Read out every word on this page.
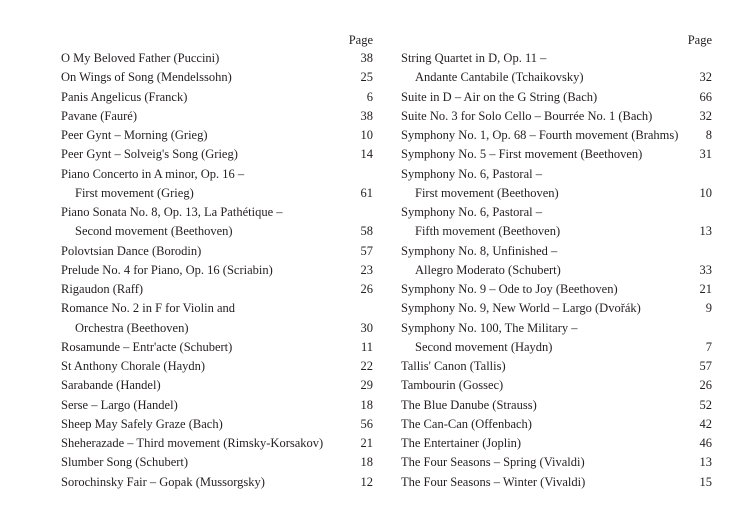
Page
O My Beloved Father (Puccini)	38
On Wings of Song (Mendelssohn)	25
Panis Angelicus (Franck)	6
Pavane (Fauré)	38
Peer Gynt – Morning (Grieg)	10
Peer Gynt – Solveig's Song (Grieg)	14
Piano Concerto in A minor, Op. 16 –
First movement (Grieg)	61
Piano Sonata No. 8, Op. 13, La Pathétique –
Second movement (Beethoven)	58
Polovtsian Dance (Borodin)	57
Prelude No. 4 for Piano, Op. 16 (Scriabin)	23
Rigaudon (Raff)	26
Romance No. 2 in F for Violin and
Orchestra (Beethoven)	30
Rosamunde – Entr'acte (Schubert)	11
St Anthony Chorale (Haydn)	22
Sarabande (Handel)	29
Serse – Largo (Handel)	18
Sheep May Safely Graze (Bach)	56
Sheherazade – Third movement (Rimsky-Korsakov)	21
Slumber Song (Schubert)	18
Sorochinsky Fair – Gopak (Mussorgsky)	12
Page
String Quartet in D, Op. 11 –
Andante Cantabile (Tchaikovsky)	32
Suite in D – Air on the G String (Bach)	66
Suite No. 3 for Solo Cello – Bourrée No. 1 (Bach)	32
Symphony No. 1, Op. 68 – Fourth movement (Brahms)	8
Symphony No. 5 – First movement (Beethoven)	31
Symphony No. 6, Pastoral –
First movement (Beethoven)	10
Symphony No. 6, Pastoral –
Fifth movement (Beethoven)	13
Symphony No. 8, Unfinished –
Allegro Moderato (Schubert)	33
Symphony No. 9 – Ode to Joy (Beethoven)	21
Symphony No. 9, New World – Largo (Dvořák)	9
Symphony No. 100, The Military –
Second movement (Haydn)	7
Tallis' Canon (Tallis)	57
Tambourin (Gossec)	26
The Blue Danube (Strauss)	52
The Can-Can (Offenbach)	42
The Entertainer (Joplin)	46
The Four Seasons – Spring (Vivaldi)	13
The Four Seasons – Winter (Vivaldi)	15
